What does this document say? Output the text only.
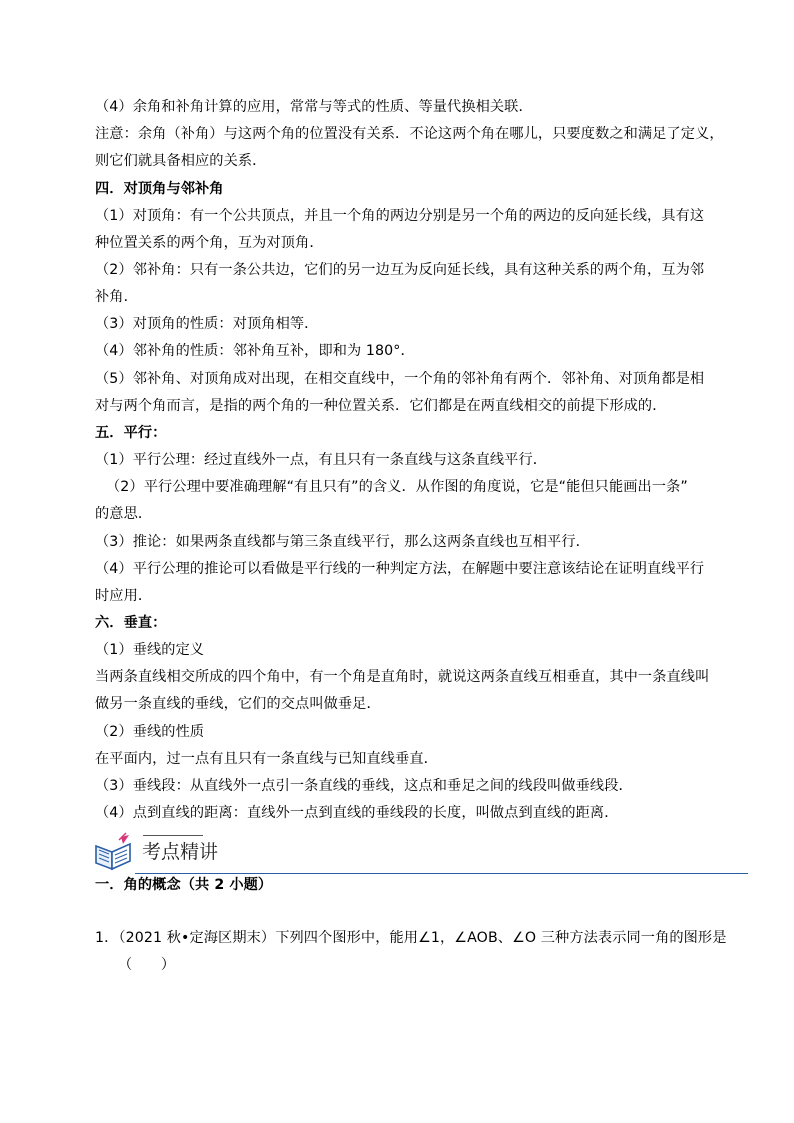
（4）余角和补角计算的应用，常常与等式的性质、等量代换相关联．
注意：余角（补角）与这两个角的位置没有关系．不论这两个角在哪儿，只要度数之和满足了定义，
则它们就具备相应的关系．
四．对顶角与邻补角
（1）对顶角：有一个公共顶点，并且一个角的两边分别是另一个角的两边的反向延长线，具有这
种位置关系的两个角，互为对顶角．
（2）邻补角：只有一条公共边，它们的另一边互为反向延长线，具有这种关系的两个角，互为邻
补角．
（3）对顶角的性质：对顶角相等．
（4）邻补角的性质：邻补角互补，即和为 180°．
（5）邻补角、对顶角成对出现，在相交直线中，一个角的邻补角有两个．邻补角、对顶角都是相
对与两个角而言，是指的两个角的一种位置关系．它们都是在两直线相交的前提下形成的．
五．平行：
（1）平行公理：经过直线外一点，有且只有一条直线与这条直线平行．
（2）平行公理中要准确理解“有且只有”的含义．从作图的角度说，它是“能但只能画出一条”
的意思．
（3）推论：如果两条直线都与第三条直线平行，那么这两条直线也互相平行．
（4）平行公理的推论可以看做是平行线的一种判定方法，在解题中要注意该结论在证明直线平行
时应用．
六．垂直：
（1）垂线的定义
当两条直线相交所成的四个角中，有一个角是直角时，就说这两条直线互相垂直，其中一条直线叫
做另一条直线的垂线，它们的交点叫做垂足．
（2）垂线的性质
在平面内，过一点有且只有一条直线与已知直线垂直．
（3）垂线段：从直线外一点引一条直线的垂线，这点和垂足之间的线段叫做垂线段．
（4）点到直线的距离：直线外一点到直线的垂线段的长度，叫做点到直线的距离．
考点精讲
一．角的概念（共 2 小题）
1．（2021 秋•定海区期末）下列四个图形中，能用∠1，∠AOB、∠O 三种方法表示同一角的图形是
（　　）
